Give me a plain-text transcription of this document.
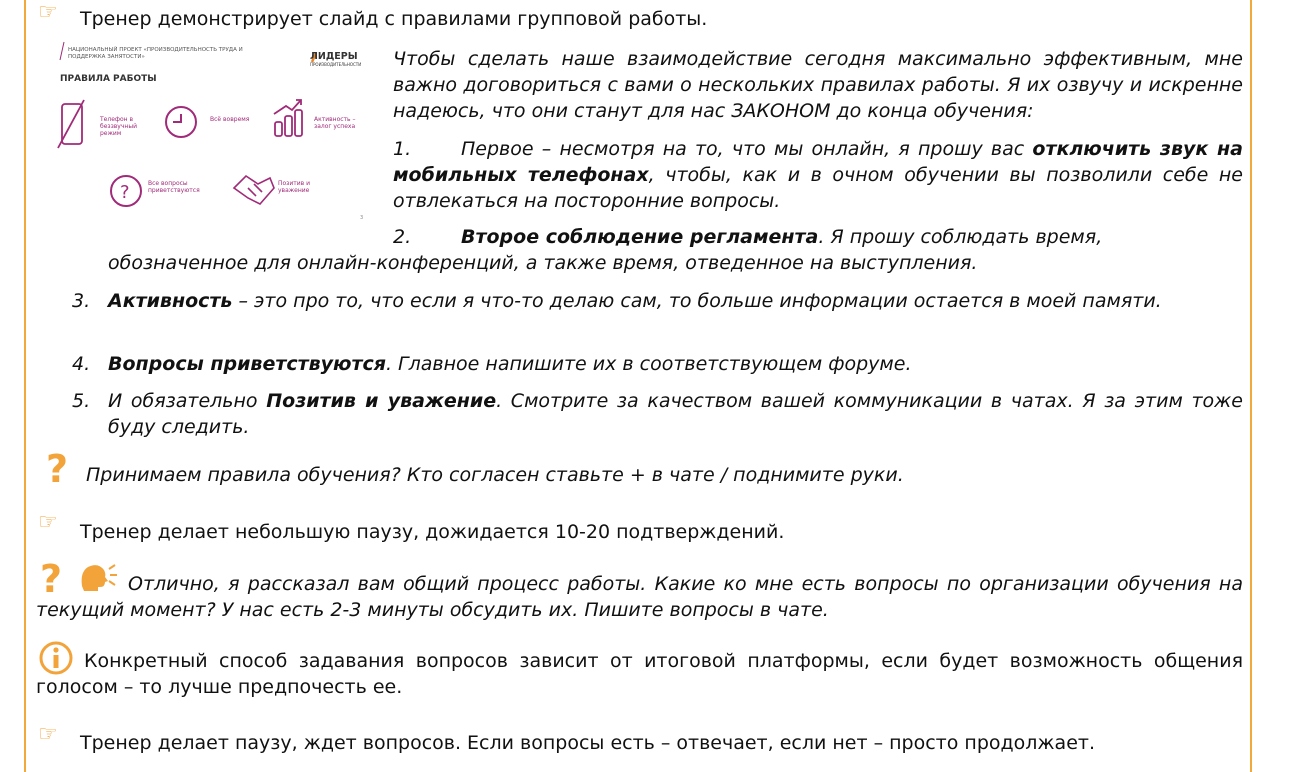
☞ Тренер демонстрирует слайд с правилами групповой работы.
?
НАЦИОНАЛЬНЫЙ ПРОЕКТ «ПРОИЗВОДИТЕЛЬНОСТЬ ТРУДА И ПОДДЕРЖКА ЗАНЯТОСТИ»	ЛИДЕРЫ
ПРОИЗВОДИТЕЛЬНОСТИ
ПРАВИЛА РАБОТЫ
Телефон в беззвучный режим
Всё вовремя	Активность – залог успеха
Все вопросы приветствуются
Позитив и уважение
3
Чтобы сделать наше взаимодействие сегодня максимально эффективным, мне важно договориться с вами о нескольких правилах работы. Я их озвучу и искренне надеюсь, что они станут для нас ЗАКОНОМ до конца обучения:
1.	Первое – несмотря на то, что мы онлайн, я прошу вас отключить звук на мобильных телефонах, чтобы, как и в очном обучении вы позволили себе не отвлекаться на посторонние вопросы.
2.	Второе соблюдение регламента. Я прошу соблюдать время, обозначенное для онлайн-конференций, а также время, отведенное на выступления.
3. Активность – это про то, что если я что-то делаю сам, то больше информации остается в моей памяти.
4. Вопросы приветствуются. Главное напишите их в соответствующем форуме.
5. И обязательно Позитив и уважение. Смотрите за качеством вашей коммуникации в чатах. Я за этим тоже буду следить.
? Принимаем правила обучения? Кто согласен ставьте + в чате / поднимите руки.
☞ Тренер делает небольшую паузу, дожидается 10-20 подтверждений.
?	Отлично, я рассказал вам общий процесс работы. Какие ко мне есть вопросы по организации обучения на текущий момент? У нас есть 2-3 минуты обсудить их. Пишите вопросы в чате.
Конкретный способ задавания вопросов зависит от итоговой платформы, если будет возможность общения голосом – то лучше предпочесть ее.
☞ Тренер делает паузу, ждет вопросов. Если вопросы есть – отвечает, если нет – просто продолжает.
